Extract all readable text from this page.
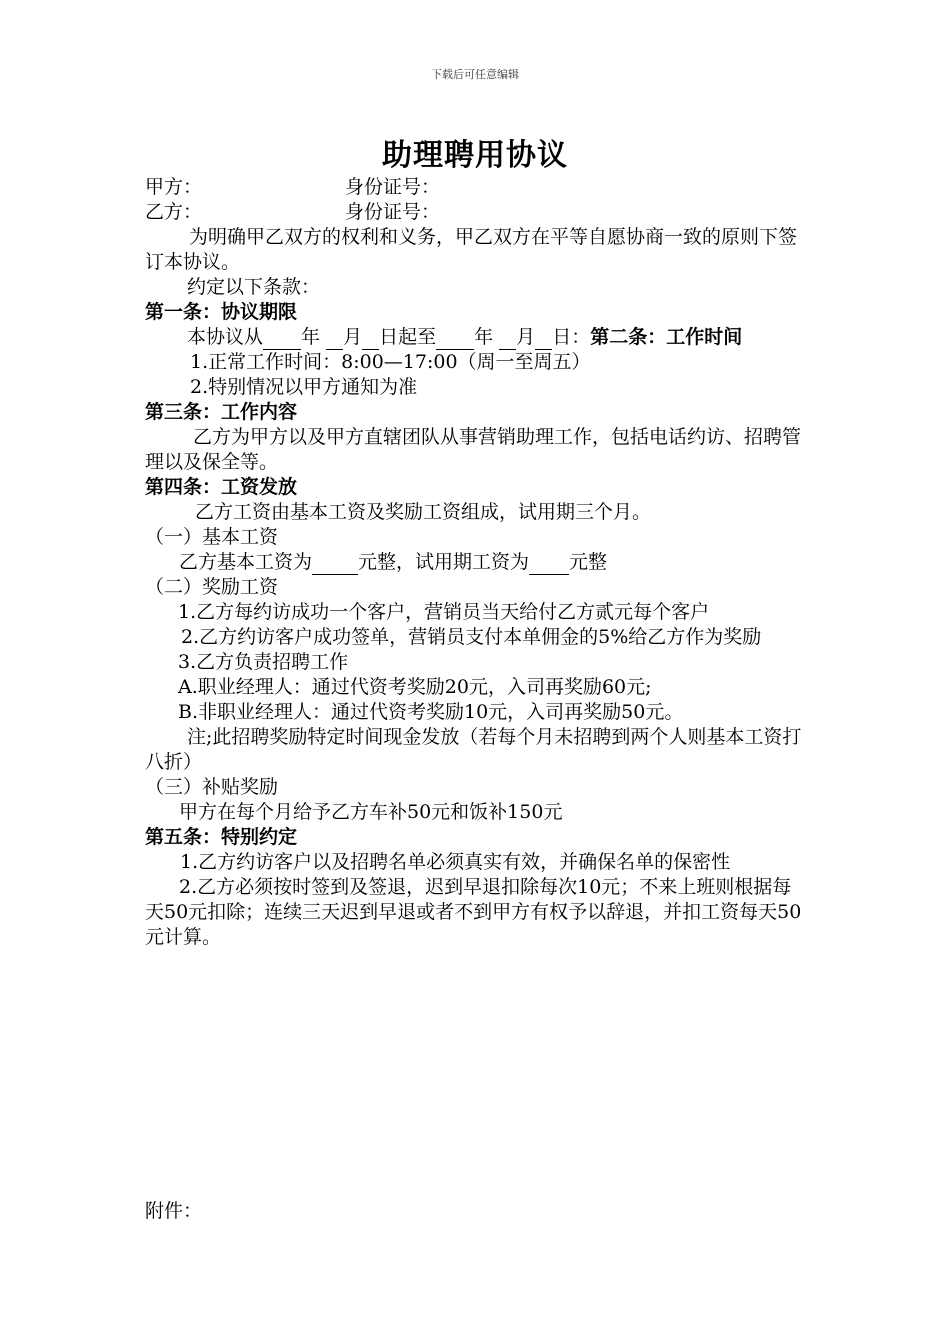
下载后可任意编辑
助理聘用协议
甲方：	身份证号：
乙方：	身份证号：
为明确甲乙双方的权利和义务，甲乙双方在平等自愿协商一致的原则下签订本协议。
约定以下条款：
第一条：协议期限
本协议从 年 月 日起至 年 月 日：第二条：工作时间
1.正常工作时间：8:00—17:00（周一至周五）
2.特别情况以甲方通知为准
第三条：工作内容
乙方为甲方以及甲方直辖团队从事营销助理工作，包括电话约访、招聘管理以及保全等。
第四条：工资发放
乙方工资由基本工资及奖励工资组成，试用期三个月。
（一）基本工资
乙方基本工资为 元整，试用期工资为 元整
（二）奖励工资
1.乙方每约访成功一个客户，营销员当天给付乙方贰元每个客户
2.乙方约访客户成功签单，营销员支付本单佣金的5%给乙方作为奖励
3.乙方负责招聘工作
A.职业经理人：通过代资考奖励20元，入司再奖励60元;
B.非职业经理人：通过代资考奖励10元，入司再奖励50元。
注;此招聘奖励特定时间现金发放（若每个月未招聘到两个人则基本工资打八折）
（三）补贴奖励
甲方在每个月给予乙方车补50元和饭补150元
第五条：特别约定
1.乙方约访客户以及招聘名单必须真实有效，并确保名单的保密性
2.乙方必须按时签到及签退，迟到早退扣除每次10元；不来上班则根据每天50元扣除；连续三天迟到早退或者不到甲方有权予以辞退，并扣工资每天50元计算。
附件：
